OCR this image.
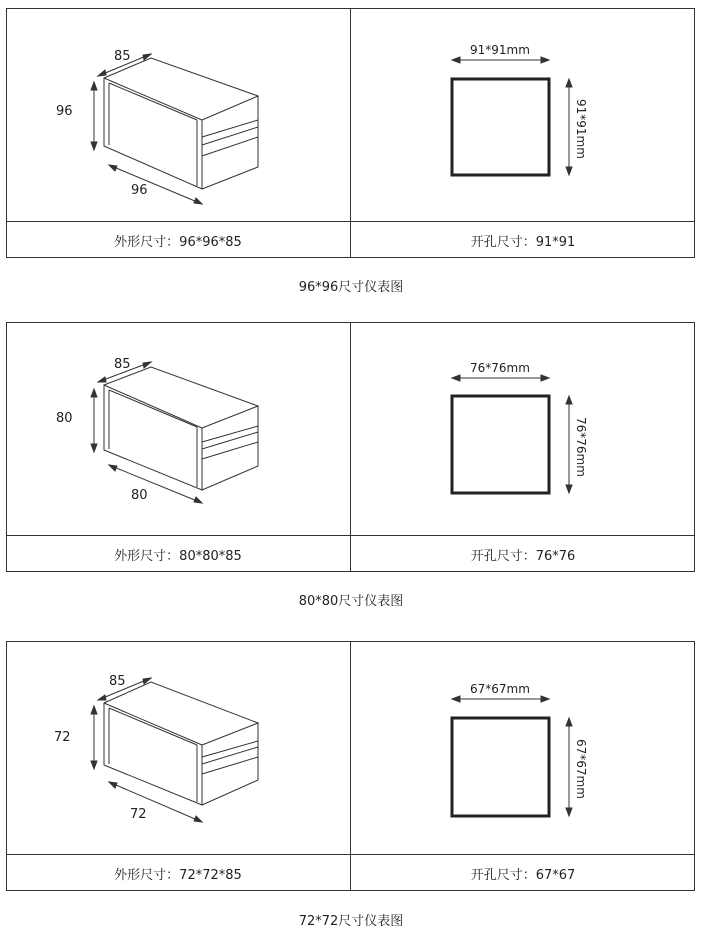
85
96
96
91*91mm
91*91mm
外形尺寸：96*96*85	开孔尺寸：91*91
96*96尺寸仪表图
85
80
80
76*76mm
76*76mm
外形尺寸：80*80*85	开孔尺寸：76*76
80*80尺寸仪表图
85
72
72
67*67mm
67*67mm
外形尺寸：72*72*85	开孔尺寸：67*67
72*72尺寸仪表图
